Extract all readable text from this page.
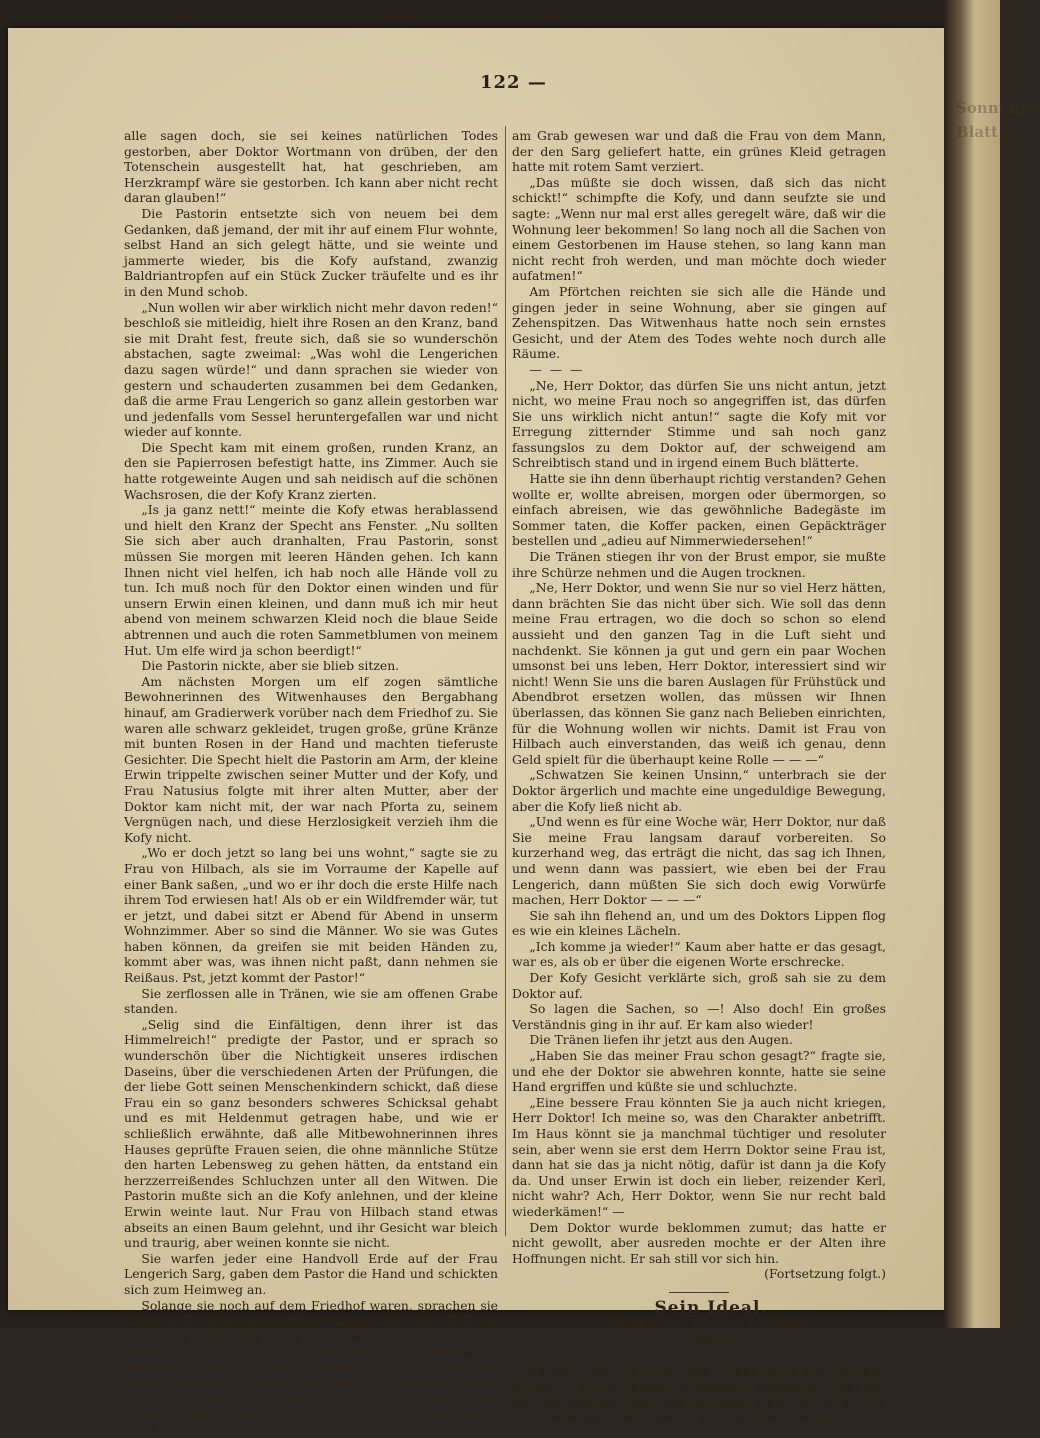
Sonntags-Blatt
122 —

alle sagen doch, sie sei keines natürlichen Todes gestorben, aber Doktor Wortmann von drüben, der den Totenschein ausgestellt hat, hat geschrieben, am Herzkrampf wäre sie gestorben. Ich kann aber nicht recht daran glauben!“

Die Pastorin entsetzte sich von neuem bei dem Gedanken, daß jemand, der mit ihr auf einem Flur wohnte, selbst Hand an sich gelegt hätte, und sie weinte und jammerte wieder, bis die Kofy aufstand, zwanzig Baldriantropfen auf ein Stück Zucker träufelte und es ihr in den Mund schob.

„Nun wollen wir aber wirklich nicht mehr davon reden!“ beschloß sie mitleidig, hielt ihre Rosen an den Kranz, band sie mit Draht fest, freute sich, daß sie so wunderschön abstachen, sagte zweimal: „Was wohl die Lengerichen dazu sagen würde!“ und dann sprachen sie wieder von gestern und schauderten zusammen bei dem Gedanken, daß die arme Frau Lengerich so ganz allein gestorben war und jedenfalls vom Sessel heruntergefallen war und nicht wieder auf konnte.

Die Specht kam mit einem großen, runden Kranz, an den sie Papierrosen befestigt hatte, ins Zimmer. Auch sie hatte rotgeweinte Augen und sah neidisch auf die schönen Wachsrosen, die der Kofy Kranz zierten.

„Is ja ganz nett!“ meinte die Kofy etwas herablassend und hielt den Kranz der Specht ans Fenster. „Nu sollten Sie sich aber auch dranhalten, Frau Pastorin, sonst müssen Sie morgen mit leeren Händen gehen. Ich kann Ihnen nicht viel helfen, ich hab noch alle Hände voll zu tun. Ich muß noch für den Doktor einen winden und für unsern Erwin einen kleinen, und dann muß ich mir heut abend von meinem schwarzen Kleid noch die blaue Seide abtrennen und auch die roten Sammetblumen von meinem Hut. Um elfe wird ja schon beerdigt!“

Die Pastorin nickte, aber sie blieb sitzen.

Am nächsten Morgen um elf zogen sämtliche Bewohnerinnen des Witwenhauses den Bergabhang hinauf, am Gradierwerk vorüber nach dem Friedhof zu. Sie waren alle schwarz gekleidet, trugen große, grüne Kränze mit bunten Rosen in der Hand und machten tieferuste Gesichter. Die Specht hielt die Pastorin am Arm, der kleine Erwin trippelte zwischen seiner Mutter und der Kofy, und Frau Natusius folgte mit ihrer alten Mutter, aber der Doktor kam nicht mit, der war nach Pforta zu, seinem Vergnügen nach, und diese Herzlosigkeit verzieh ihm die Kofy nicht.

„Wo er doch jetzt so lang bei uns wohnt,“ sagte sie zu Frau von Hilbach, als sie im Vorraume der Kapelle auf einer Bank saßen, „und wo er ihr doch die erste Hilfe nach ihrem Tod erwiesen hat! Als ob er ein Wildfremder wär, tut er jetzt, und dabei sitzt er Abend für Abend in unserm Wohnzimmer. Aber so sind die Männer. Wo sie was Gutes haben können, da greifen sie mit beiden Händen zu, kommt aber was, was ihnen nicht paßt, dann nehmen sie Reißaus. Pst, jetzt kommt der Pastor!“

Sie zerflossen alle in Tränen, wie sie am offenen Grabe standen.

„Selig sind die Einfältigen, denn ihrer ist das Himmelreich!“ predigte der Pastor, und er sprach so wunderschön über die Nichtigkeit unseres irdischen Daseins, über die verschiedenen Arten der Prüfungen, die der liebe Gott seinen Menschenkindern schickt, daß diese Frau ein so ganz besonders schweres Schicksal gehabt und es mit Heldenmut getragen habe, und wie er schließlich erwähnte, daß alle Mitbewohnerinnen ihres Hauses geprüfte Frauen seien, die ohne männliche Stütze den harten Lebensweg zu gehen hätten, da entstand ein herzzerreißendes Schluchzen unter all den Witwen. Die Pastorin mußte sich an die Kofy anlehnen, und der kleine Erwin weinte laut. Nur Frau von Hilbach stand etwas abseits an einen Baum gelehnt, und ihr Gesicht war bleich und traurig, aber weinen konnte sie nicht.

Sie warfen jeder eine Handvoll Erde auf der Frau Lengerich Sarg, gaben dem Pastor die Hand und schickten sich zum Heimweg an.

Solange sie noch auf dem Friedhof waren, sprachen sie nicht, weil sie noch ergriffen waren, dann aber ließ die Kofy ihre Empörung über die Hänslein aus, die nach Naumburg gefahren war und nicht zur Beerdigung zurückkam, und die Specht stimmte ihr bei, und auch die Natusius und die Pastorin waren empört, und dann fanden sie es auch komisch, daß die Berta, die ihr die Aufwartung gemacht und so manches Geschenk von ihr erhalten hatte, nicht

am Grab gewesen war und daß die Frau von dem Mann, der den Sarg geliefert hatte, ein grünes Kleid getragen hatte mit rotem Samt verziert.

„Das müßte sie doch wissen, daß sich das nicht schickt!“ schimpfte die Kofy, und dann seufzte sie und sagte: „Wenn nur mal erst alles geregelt wäre, daß wir die Wohnung leer bekommen! So lang noch all die Sachen von einem Gestorbenen im Hause stehen, so lang kann man nicht recht froh werden, und man möchte doch wieder aufatmen!“

Am Pförtchen reichten sie sich alle die Hände und gingen jeder in seine Wohnung, aber sie gingen auf Zehenspitzen. Das Witwenhaus hatte noch sein ernstes Gesicht, und der Atem des Todes wehte noch durch alle Räume.

— — —

„Ne, Herr Doktor, das dürfen Sie uns nicht antun, jetzt nicht, wo meine Frau noch so angegriffen ist, das dürfen Sie uns wirklich nicht antun!“ sagte die Kofy mit vor Erregung zitternder Stimme und sah noch ganz fassungslos zu dem Doktor auf, der schweigend am Schreibtisch stand und in irgend einem Buch blätterte.

Hatte sie ihn denn überhaupt richtig verstanden? Gehen wollte er, wollte abreisen, morgen oder übermorgen, so einfach abreisen, wie das gewöhnliche Badegäste im Sommer taten, die Koffer packen, einen Gepäckträger bestellen und „adieu auf Nimmerwiedersehen!“

Die Tränen stiegen ihr von der Brust empor, sie mußte ihre Schürze nehmen und die Augen trocknen.

„Ne, Herr Doktor, und wenn Sie nur so viel Herz hätten, dann brächten Sie das nicht über sich. Wie soll das denn meine Frau ertragen, wo die doch so schon so elend aussieht und den ganzen Tag in die Luft sieht und nachdenkt. Sie können ja gut und gern ein paar Wochen umsonst bei uns leben, Herr Doktor, interessiert sind wir nicht! Wenn Sie uns die baren Auslagen für Frühstück und Abendbrot ersetzen wollen, das müssen wir Ihnen überlassen, das können Sie ganz nach Belieben einrichten, für die Wohnung wollen wir nichts. Damit ist Frau von Hilbach auch einverstanden, das weiß ich genau, denn Geld spielt für die überhaupt keine Rolle — — —“

„Schwatzen Sie keinen Unsinn,“ unterbrach sie der Doktor ärgerlich und machte eine ungeduldige Bewegung, aber die Kofy ließ nicht ab.

„Und wenn es für eine Woche wär, Herr Doktor, nur daß Sie meine Frau langsam darauf vorbereiten. So kurzerhand weg, das erträgt die nicht, das sag ich Ihnen, und wenn dann was passiert, wie eben bei der Frau Lengerich, dann müßten Sie sich doch ewig Vorwürfe machen, Herr Doktor — — —“

Sie sah ihn flehend an, und um des Doktors Lippen flog es wie ein kleines Lächeln.

„Ich komme ja wieder!“ Kaum aber hatte er das gesagt, war es, als ob er über die eigenen Worte erschrecke.

Der Kofy Gesicht verklärte sich, groß sah sie zu dem Doktor auf.

So lagen die Sachen, so —! Also doch! Ein großes Verständnis ging in ihr auf. Er kam also wieder!

Die Tränen liefen ihr jetzt aus den Augen.

„Haben Sie das meiner Frau schon gesagt?“ fragte sie, und ehe der Doktor sie abwehren konnte, hatte sie seine Hand ergriffen und küßte sie und schluchzte.

„Eine bessere Frau könnten Sie ja auch nicht kriegen, Herr Doktor! Ich meine so, was den Charakter anbetrifft. Im Haus könnt sie ja manchmal tüchtiger und resoluter sein, aber wenn sie erst dem Herrn Doktor seine Frau ist, dann hat sie das ja nicht nötig, dafür ist dann ja die Kofy da. Und unser Erwin ist doch ein lieber, reizender Kerl, nicht wahr? Ach, Herr Doktor, wenn Sie nur recht bald wiederkämen!“ —

Dem Doktor wurde beklommen zumut; das hatte er nicht gewollt, aber ausreden mochte er der Alten ihre Hoffnungen nicht. Er sah still vor sich hin.

(Fortsetzung folgt.)

Sein Ideal.

Von Max Karl Böttcher-Chemnitz.

(Schluß.)

3

Es war Sitte im Hotel, daß Punkt zwölf Uhr gespeist wurde. — An der langen, schneeweiß gedeckten Tafel saß nur ein einziger Gast, ein steinalter Herr, der sich Fritz Schmieder als Oberförster a. D. Grazchen vorstellte.
